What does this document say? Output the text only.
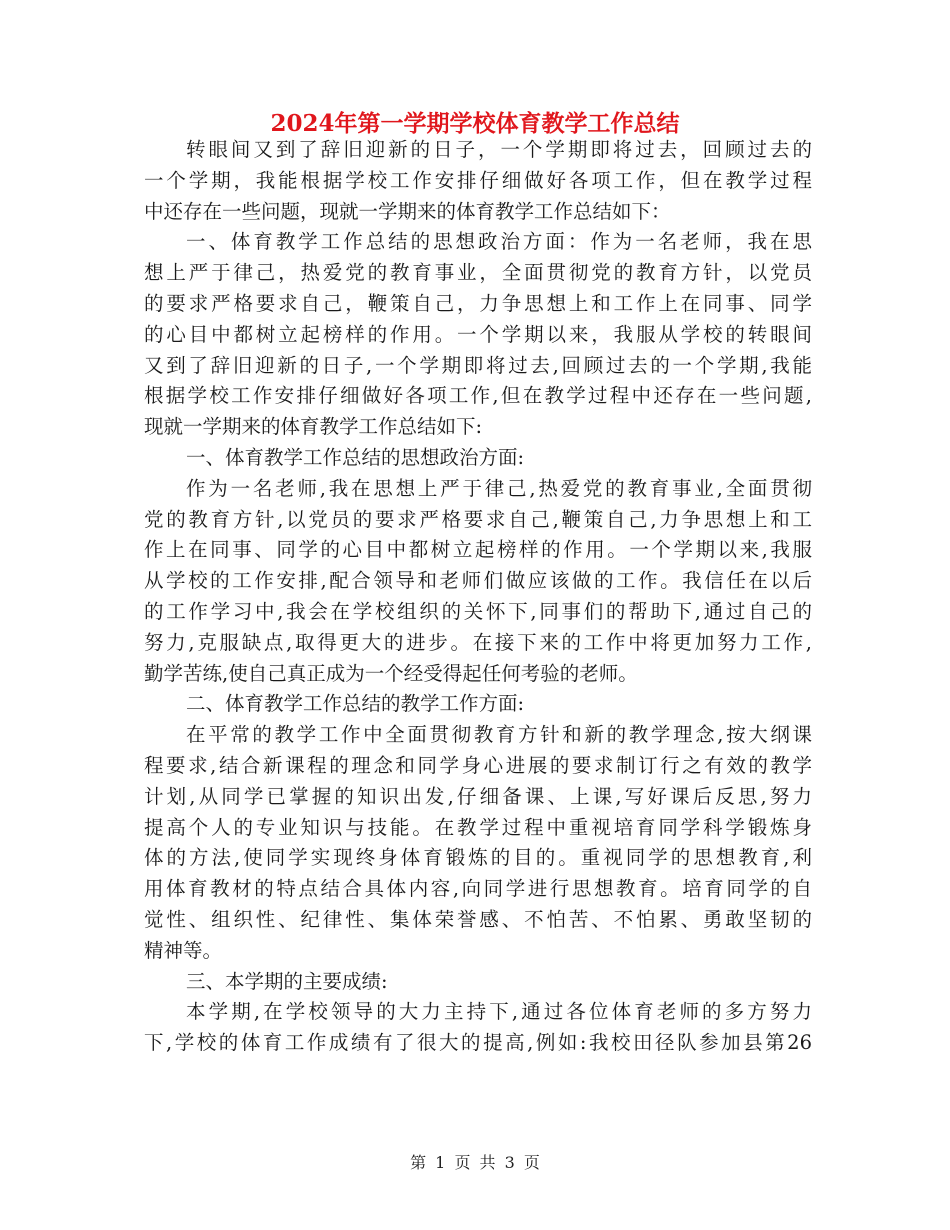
2024年第一学期学校体育教学工作总结
转眼间又到了辞旧迎新的日子，一个学期即将过去，回顾过去的
一个学期，我能根据学校工作安排仔细做好各项工作，但在教学过程
中还存在一些问题，现就一学期来的体育教学工作总结如下：
一、体育教学工作总结的思想政治方面：作为一名老师，我在思
想上严于律己，热爱党的教育事业，全面贯彻党的教育方针，以党员
的要求严格要求自己，鞭策自己，力争思想上和工作上在同事、同学
的心目中都树立起榜样的作用。一个学期以来，我服从学校的转眼间
又到了辞旧迎新的日子,一个学期即将过去,回顾过去的一个学期,我能
根据学校工作安排仔细做好各项工作,但在教学过程中还存在一些问题,
现就一学期来的体育教学工作总结如下:
一、体育教学工作总结的思想政治方面:
作为一名老师,我在思想上严于律己,热爱党的教育事业,全面贯彻
党的教育方针,以党员的要求严格要求自己,鞭策自己,力争思想上和工
作上在同事、同学的心目中都树立起榜样的作用。一个学期以来,我服
从学校的工作安排,配合领导和老师们做应该做的工作。我信任在以后
的工作学习中,我会在学校组织的关怀下,同事们的帮助下,通过自己的
努力,克服缺点,取得更大的进步。在接下来的工作中将更加努力工作,
勤学苦练,使自己真正成为一个经受得起任何考验的老师。
二、体育教学工作总结的教学工作方面:
在平常的教学工作中全面贯彻教育方针和新的教学理念,按大纲课
程要求,结合新课程的理念和同学身心进展的要求制订行之有效的教学
计划,从同学已掌握的知识出发,仔细备课、上课,写好课后反思,努力
提高个人的专业知识与技能。在教学过程中重视培育同学科学锻炼身
体的方法,使同学实现终身体育锻炼的目的。重视同学的思想教育,利
用体育教材的特点结合具体内容,向同学进行思想教育。培育同学的自
觉性、组织性、纪律性、集体荣誉感、不怕苦、不怕累、勇敢坚韧的
精神等。
三、本学期的主要成绩:
本学期,在学校领导的大力主持下,通过各位体育老师的多方努力
下,学校的体育工作成绩有了很大的提高,例如:我校田径队参加县第26
第 1 页 共 3 页
